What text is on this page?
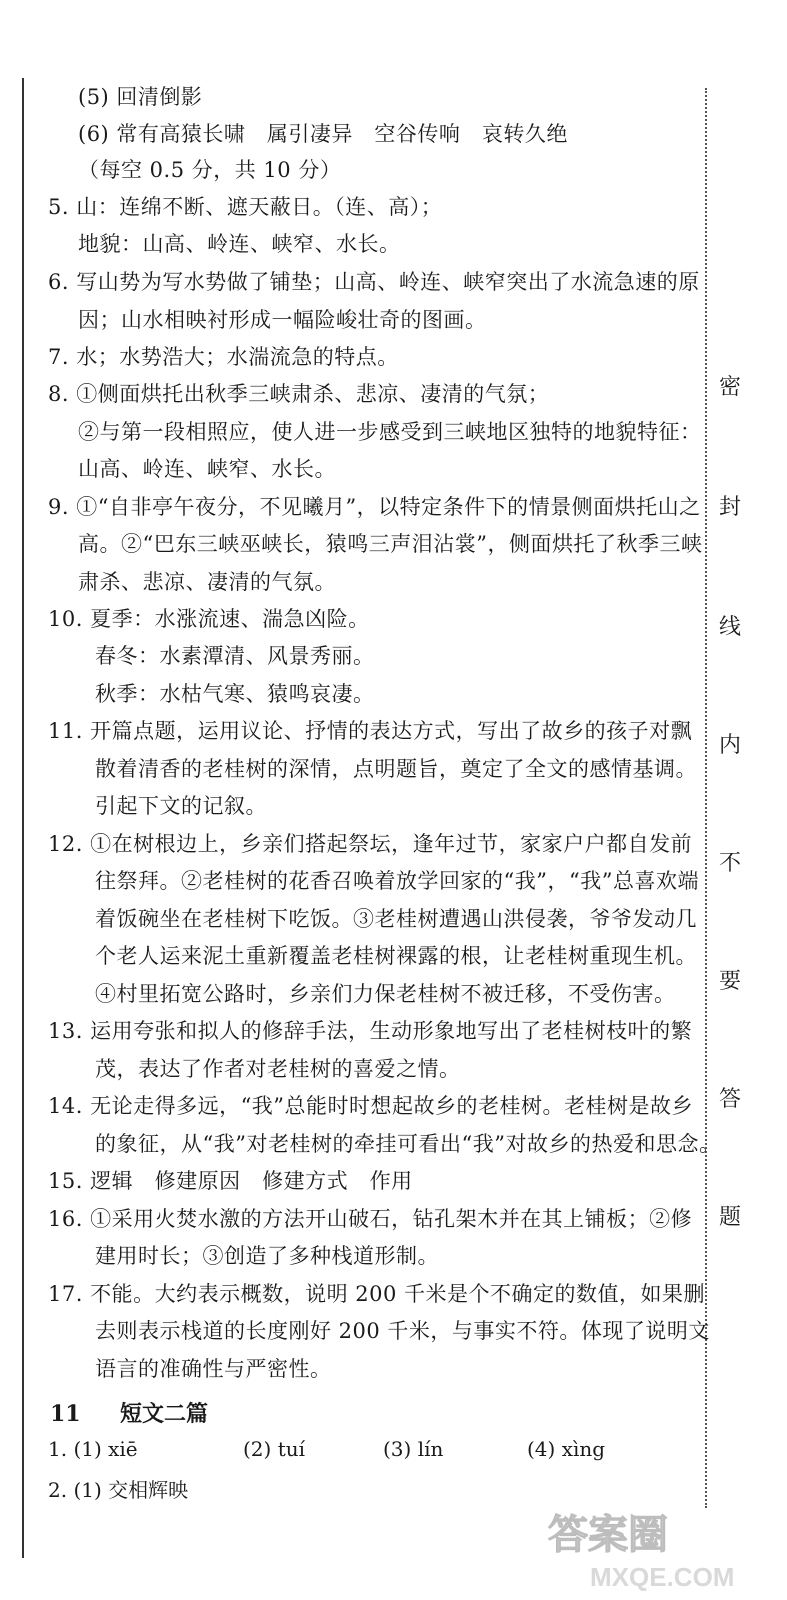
密
封
线
内
不
要
答
题
(5) 回清倒影
(6) 常有高猿长啸　属引凄异　空谷传响　哀转久绝
（每空 0.5 分，共 10 分）
5. 山：连绵不断、遮天蔽日。（连、高）；
地貌：山高、岭连、峡窄、水长。
6. 写山势为写水势做了铺垫；山高、岭连、峡窄突出了水流急速的原
因；山水相映衬形成一幅险峻壮奇的图画。
7. 水；水势浩大；水湍流急的特点。
8. ①侧面烘托出秋季三峡肃杀、悲凉、凄清的气氛；
②与第一段相照应，使人进一步感受到三峡地区独特的地貌特征：
山高、岭连、峡窄、水长。
9. ①“自非亭午夜分，不见曦月”，以特定条件下的情景侧面烘托山之
高。②“巴东三峡巫峡长，猿鸣三声泪沾裳”，侧面烘托了秋季三峡
肃杀、悲凉、凄清的气氛。
10. 夏季：水涨流速、湍急凶险。
春冬：水素潭清、风景秀丽。
秋季：水枯气寒、猿鸣哀凄。
11. 开篇点题，运用议论、抒情的表达方式，写出了故乡的孩子对飘
散着清香的老桂树的深情，点明题旨，奠定了全文的感情基调。
引起下文的记叙。
12. ①在树根边上，乡亲们搭起祭坛，逢年过节，家家户户都自发前
往祭拜。②老桂树的花香召唤着放学回家的“我”，“我”总喜欢端
着饭碗坐在老桂树下吃饭。③老桂树遭遇山洪侵袭，爷爷发动几
个老人运来泥土重新覆盖老桂树裸露的根，让老桂树重现生机。
④村里拓宽公路时，乡亲们力保老桂树不被迁移，不受伤害。
13. 运用夸张和拟人的修辞手法，生动形象地写出了老桂树枝叶的繁
茂，表达了作者对老桂树的喜爱之情。
14. 无论走得多远，“我”总能时时想起故乡的老桂树。老桂树是故乡
的象征，从“我”对老桂树的牵挂可看出“我”对故乡的热爱和思念。
15. 逻辑　修建原因　修建方式　作用
16. ①采用火焚水激的方法开山破石，钻孔架木并在其上铺板；②修
建用时长；③创造了多种栈道形制。
17. 不能。大约表示概数，说明 200 千米是个不确定的数值，如果删
去则表示栈道的长度刚好 200 千米，与事实不符。体现了说明文
语言的准确性与严密性。
11 短文二篇
1. (1) xiē	(2) tuí	(3) lín	(4) xìng
2. (1) 交相辉映
答案圈
MXQE.COM
